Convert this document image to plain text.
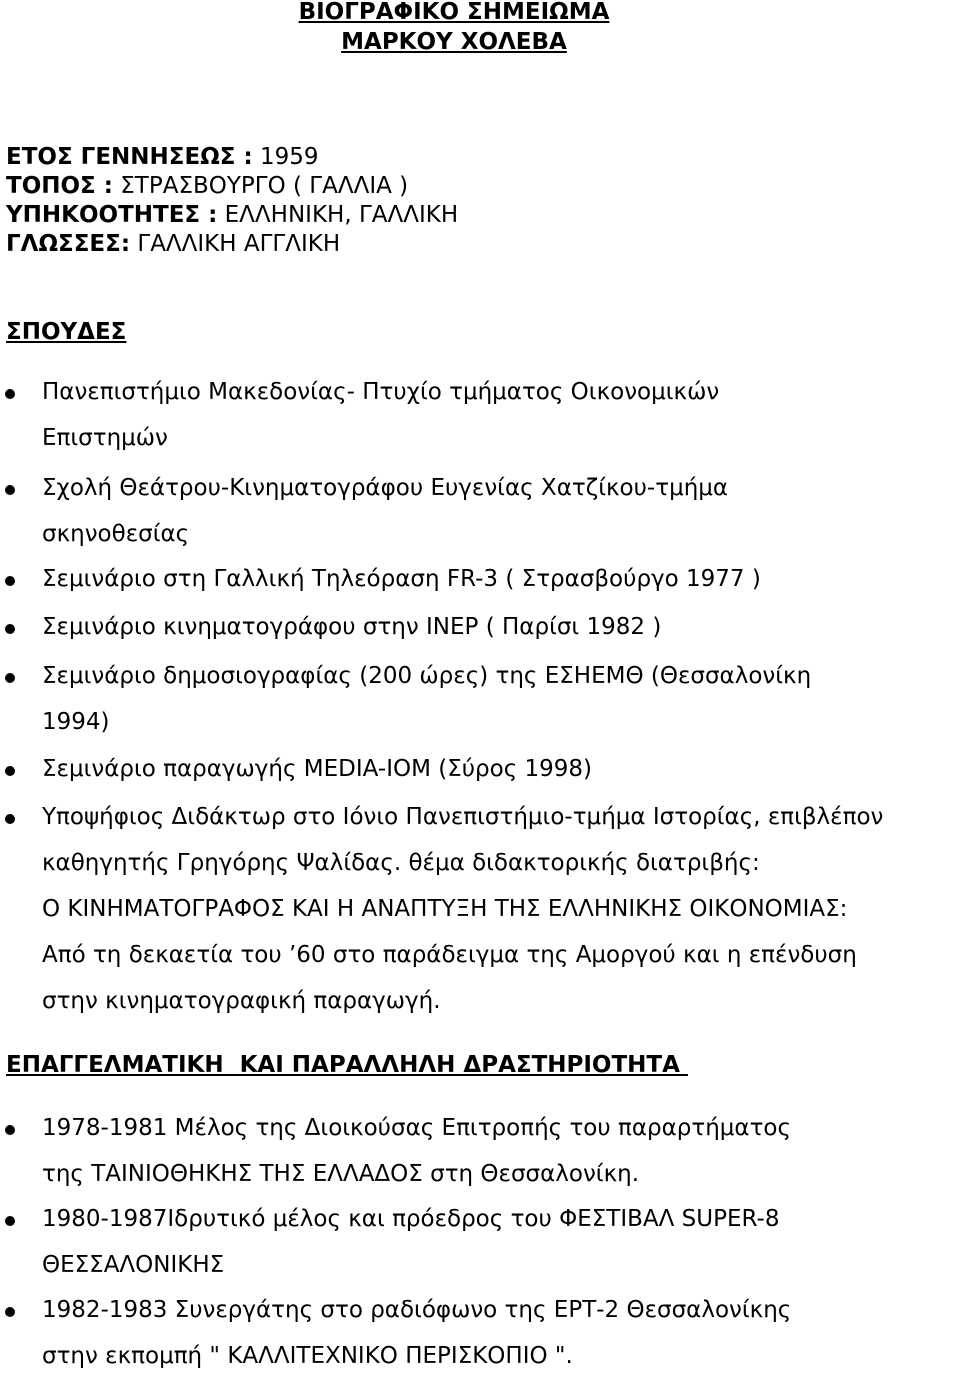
ΒΙΟΓΡΑΦΙΚΟ ΣΗΜΕΙΩΜΑ
ΜΑΡΚΟΥ ΧΟΛΕΒΑ
ΕΤΟΣ ΓΕΝΝΗΣΕΩΣ : 1959
ΤΟΠΟΣ : ΣΤΡΑΣΒΟΥΡΓΟ ( ΓΑΛΛΙΑ )
ΥΠΗΚΟΟΤΗΤΕΣ : ΕΛΛΗΝΙΚΗ, ΓΑΛΛΙΚΗ
ΓΛΩΣΣΕΣ: ΓΑΛΛΙΚΗ ΑΓΓΛΙΚΗ
ΣΠΟΥΔΕΣ
Πανεπιστήμιο Μακεδονίας- Πτυχίο τμήματος Οικονομικών
Επιστημών
Σχολή Θεάτρου-Κινηματογράφου Ευγενίας Χατζίκου-τμήμα
σκηνοθεσίας
Σεμινάριο στη Γαλλική Τηλεόραση FR-3 ( Στρασβούργο 1977 )
Σεμινάριο κινηματογράφου στην INEP ( Παρίσι 1982 )
Σεμινάριο δημοσιογραφίας (200 ώρες) της ΕΣΗΕΜΘ (Θεσσαλονίκη
1994)
Σεμινάριο παραγωγής MEDIA-IOM (Σύρος 1998)
Υποψήφιος Διδάκτωρ στο Ιόνιο Πανεπιστήμιο-τμήμα Ιστορίας, επιβλέπον
καθηγητής Γρηγόρης Ψαλίδας. θέμα διδακτορικής διατριβής:
Ο ΚΙΝΗΜΑΤΟΓΡΑΦΟΣ ΚΑΙ Η ΑΝΑΠΤΥΞΗ ΤΗΣ ΕΛΛΗΝΙΚΗΣ ΟΙΚΟΝΟΜΙΑΣ:
Από τη δεκαετία του ’60 στο παράδειγμα της Αμοργού και η επένδυση
στην κινηματογραφική παραγωγή.
ΕΠΑΓΓΕΛΜΑΤΙΚΗ  ΚΑΙ ΠΑΡΑΛΛΗΛΗ ΔΡΑΣΤΗΡΙΟΤΗΤΑ
1978-1981 Μέλος της Διοικούσας Επιτροπής του παραρτήματος
της ΤΑΙΝΙΟΘΗΚΗΣ ΤΗΣ ΕΛΛΑΔΟΣ στη Θεσσαλονίκη.
1980-1987Ιδρυτικό μέλος και πρόεδρος του ΦΕΣΤΙΒΑΛ SUPER-8
ΘΕΣΣΑΛΟΝΙΚΗΣ
1982-1983 Συνεργάτης στο ραδιόφωνο της ΕΡΤ-2 Θεσσαλονίκης
στην εκπομπή " ΚΑΛΛΙΤΕΧΝΙΚΟ ΠΕΡΙΣΚΟΠΙΟ ".
